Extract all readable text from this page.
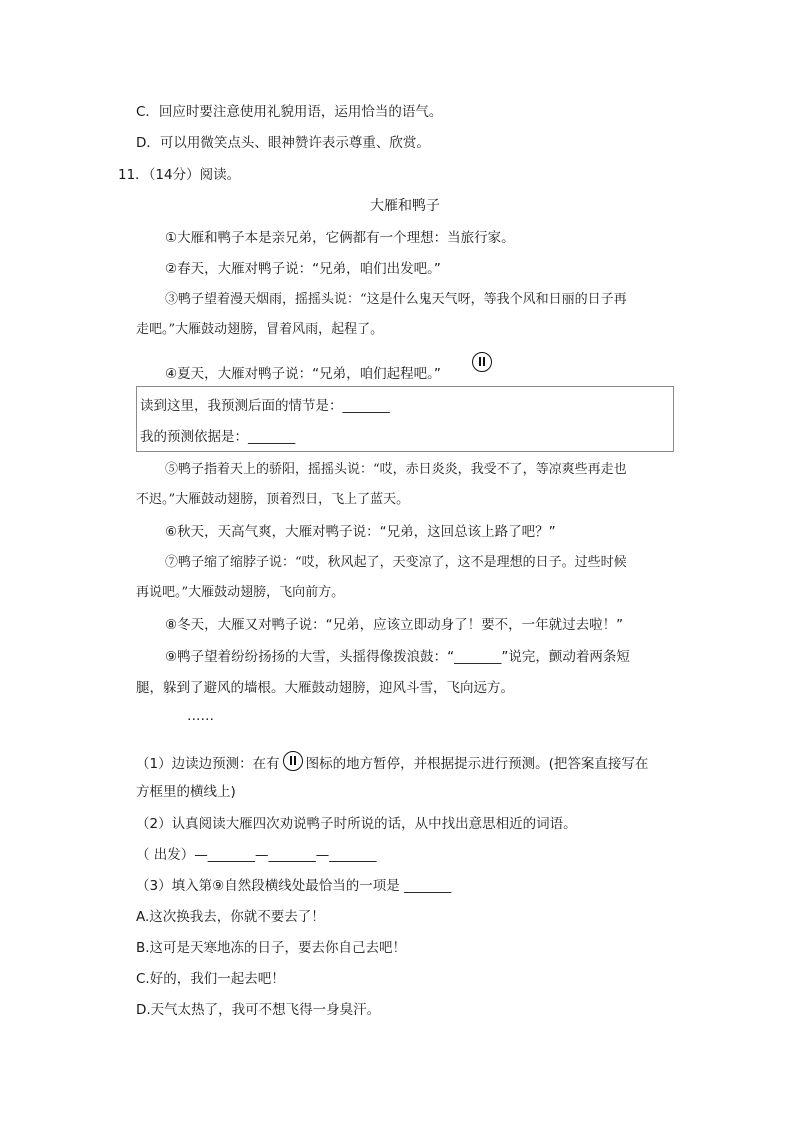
C．回应时要注意使用礼貌用语，运用恰当的语气。
D．可以用微笑点头、眼神赞许表示尊重、欣赏。
11．（14分）阅读。
大雁和鸭子
①大雁和鸭子本是亲兄弟，它俩都有一个理想：当旅行家。
②春天，大雁对鸭子说：“兄弟，咱们出发吧。”
③鸭子望着漫天烟雨，摇摇头说：“这是什么鬼天气呀，等我个风和日丽的日子再
走吧。”大雁鼓动翅膀，冒着风雨，起程了。
④夏天，大雁对鸭子说：“兄弟，咱们起程吧。”
读到这里，我预测后面的情节是：_______
我的预测依据是：_______
⑤鸭子指着天上的骄阳，摇摇头说：“哎，赤日炎炎，我受不了，等凉爽些再走也
不迟。”大雁鼓动翅膀，顶着烈日，飞上了蓝天。
⑥秋天，天高气爽，大雁对鸭子说：“兄弟，这回总该上路了吧？”
⑦鸭子缩了缩脖子说：“哎，秋风起了，天变凉了，这不是理想的日子。过些时候
再说吧。”大雁鼓动翅膀，飞向前方。
⑧冬天，大雁又对鸭子说：“兄弟，应该立即动身了！要不，一年就过去啦！”
⑨鸭子望着纷纷扬扬的大雪，头摇得像拨浪鼓：“_______”说完，颤动着两条短
腿，躲到了避风的墙根。大雁鼓动翅膀，迎风斗雪，飞向远方。
……
（1）边读边预测：在有 图标的地方暂停，并根据提示进行预测。(把答案直接写在
方框里的横线上)
（2）认真阅读大雁四次劝说鸭子时所说的话，从中找出意思相近的词语。
（ 出发）—_______—_______—_______
（3）填入第⑨自然段横线处最恰当的一项是 _______
A.这次换我去，你就不要去了！
B.这可是天寒地冻的日子，要去你自己去吧！
C.好的，我们一起去吧！
D.天气太热了，我可不想飞得一身臭汗。
